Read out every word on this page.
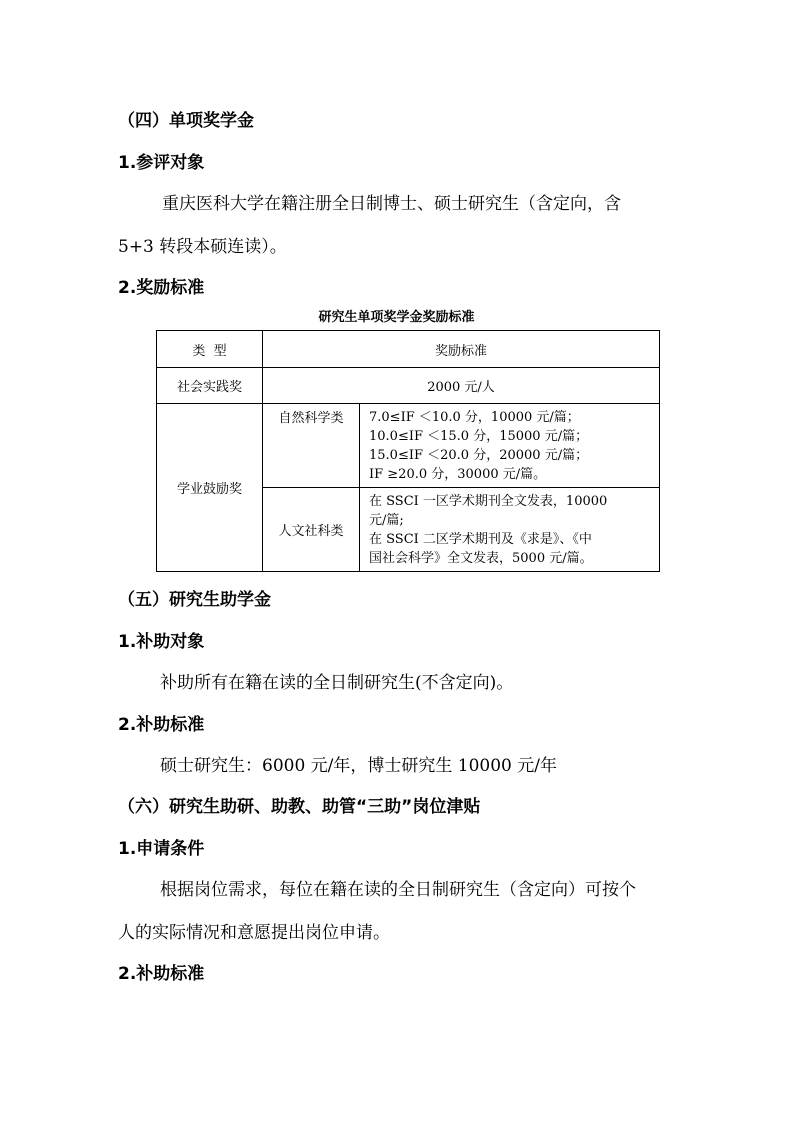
（四）单项奖学金
1.参评对象
重庆医科大学在籍注册全日制博士、硕士研究生（含定向，含
5+3 转段本硕连读）。
2.奖励标准
研究生单项奖学金奖励标准
类  型	奖励标准	
社会实践奖	2000 元/人	
学业鼓励奖	自然科学类	7.0≤IF ＜10.0 分，10000 元/篇；
10.0≤IF ＜15.0 分，15000 元/篇；
15.0≤IF ＜20.0 分，20000 元/篇；
IF ≥20.0 分，30000 元/篇。

	人文社科类	在 SSCI 一区学术期刊全文发表，10000
元/篇;
在 SSCI 二区学术期刊及《求是》、《中
国社会科学》全文发表，5000 元/篇。
（五）研究生助学金
1.补助对象
补助所有在籍在读的全日制研究生(不含定向)。
2.补助标准
硕士研究生：6000 元/年，博士研究生 10000 元/年
（六）研究生助研、助教、助管“三助”岗位津贴
1.申请条件
根据岗位需求，每位在籍在读的全日制研究生（含定向）可按个
人的实际情况和意愿提出岗位申请。
2.补助标准
